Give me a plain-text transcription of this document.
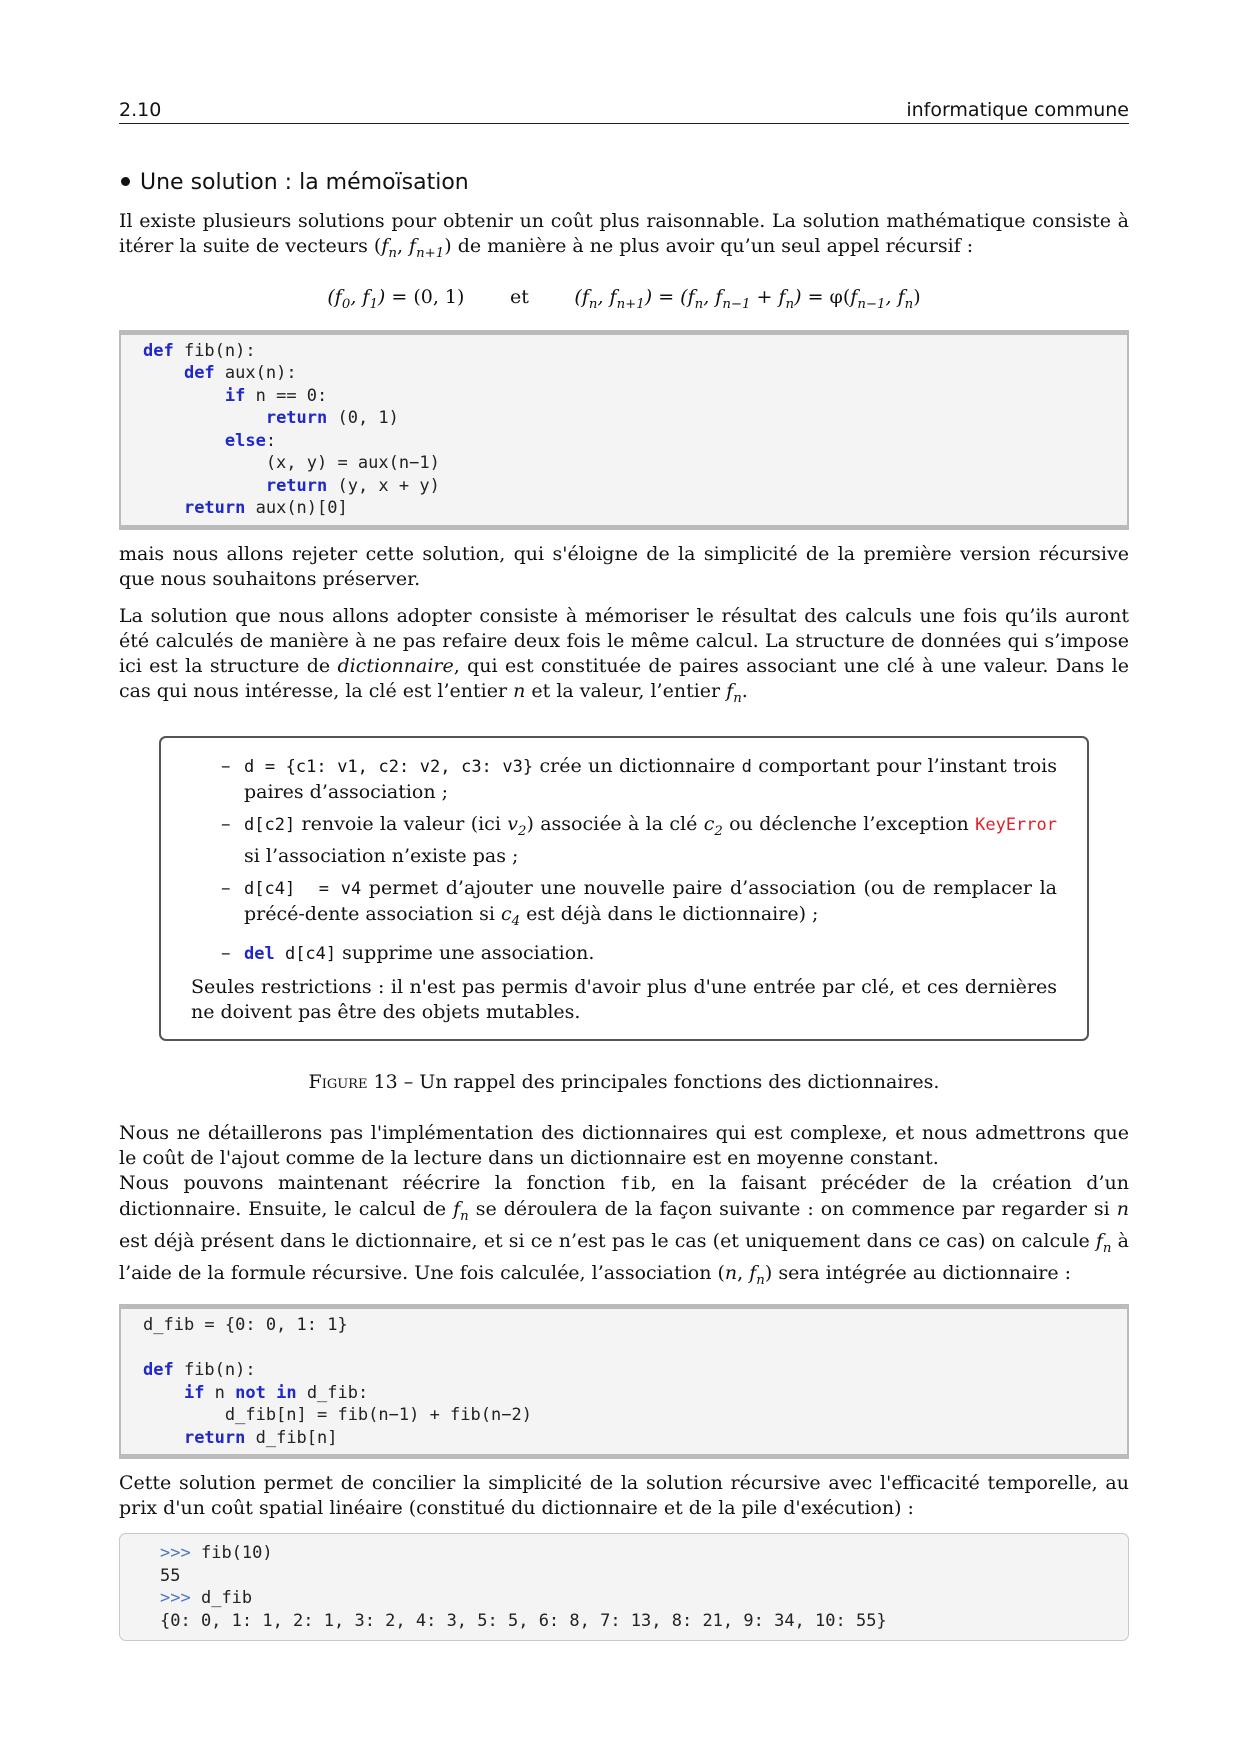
2.10	informatique commune
Une solution : la mémoïsation

Il existe plusieurs solutions pour obtenir un coût plus raisonnable. La solution mathématique consiste à itérer la suite de vecteurs ($f_n$, $f_{n+1}$) de manière à ne plus avoir qu’un seul appel récursif :

($f_0$, $f_1) = (0$, 1) et ($f_n$, $f_{n+1}) = (f_n$, $f_{n-1} + f_n) = \varphi(f_{n-1}$, $f_n$)
def fib(n):
def aux(n):
if n == 0:
return (0, 1)
else:
(x, y) = aux(n−1)
return (y, x + y)
return aux(n)[0]

mais nous allons rejeter cette solution, qui s'éloigne de la simplicité de la première version récursive que nous souhaitons préserver.

La solution que nous allons adopter consiste à mémoriser le résultat des calculs une fois qu’ils auront été calculés de manière à ne pas refaire deux fois le même calcul. La structure de données qui s’impose ici est la structure de dictionnaire, qui est constituée de paires associant une clé à une valeur. Dans le cas qui nous intéresse, la clé est l’entier n et la valeur, l’entier $f_n$.

– d = {c1: v1, c2: v2, c3: v3} crée un dictionnaire d comportant pour l’instant trois paires d’association ;
– d[c2] renvoie la valeur (ici $v_2$) associée à la clé $c_2$ ou déclenche l’exception KeyError si l’association n’existe pas ;
– d[c4]  = v4 permet d’ajouter une nouvelle paire d’association (ou de remplacer la précé-dente association si $c_4$ est déjà dans le dictionnaire) ;
– del d[c4] supprime une association.

Seules restrictions : il n'est pas permis d'avoir plus d'une entrée par clé, et ces dernières ne doivent pas être des objets mutables.

Figure 13 – Un rappel des principales fonctions des dictionnaires.

Nous ne détaillerons pas l'implémentation des dictionnaires qui est complexe, et nous admettrons que le coût de l'ajout comme de la lecture dans un dictionnaire est en moyenne constant.

Nous pouvons maintenant réécrire la fonction fib, en la faisant précéder de la création d’un dictionnaire. Ensuite, le calcul de $f_n$ se déroulera de la façon suivante : on commence par regarder si n est déjà présent dans le dictionnaire, et si ce n’est pas le cas (et uniquement dans ce cas) on calcule $f_n$ à l’aide de la formule récursive. Une fois calculée, l’association (n, $f_n$) sera intégrée au dictionnaire :

d_fib = {0: 0, 1: 1}

def fib(n):
if n not in d_fib:
d_fib[n] = fib(n−1) + fib(n−2)
return d_fib[n]

Cette solution permet de concilier la simplicité de la solution récursive avec l'efficacité temporelle, au prix d'un coût spatial linéaire (constitué du dictionnaire et de la pile d'exécution) :

>>> fib(10)
55
>>> d_fib
{0: 0, 1: 1, 2: 1, 3: 2, 4: 3, 5: 5, 6: 8, 7: 13, 8: 21, 9: 34, 10: 55}
